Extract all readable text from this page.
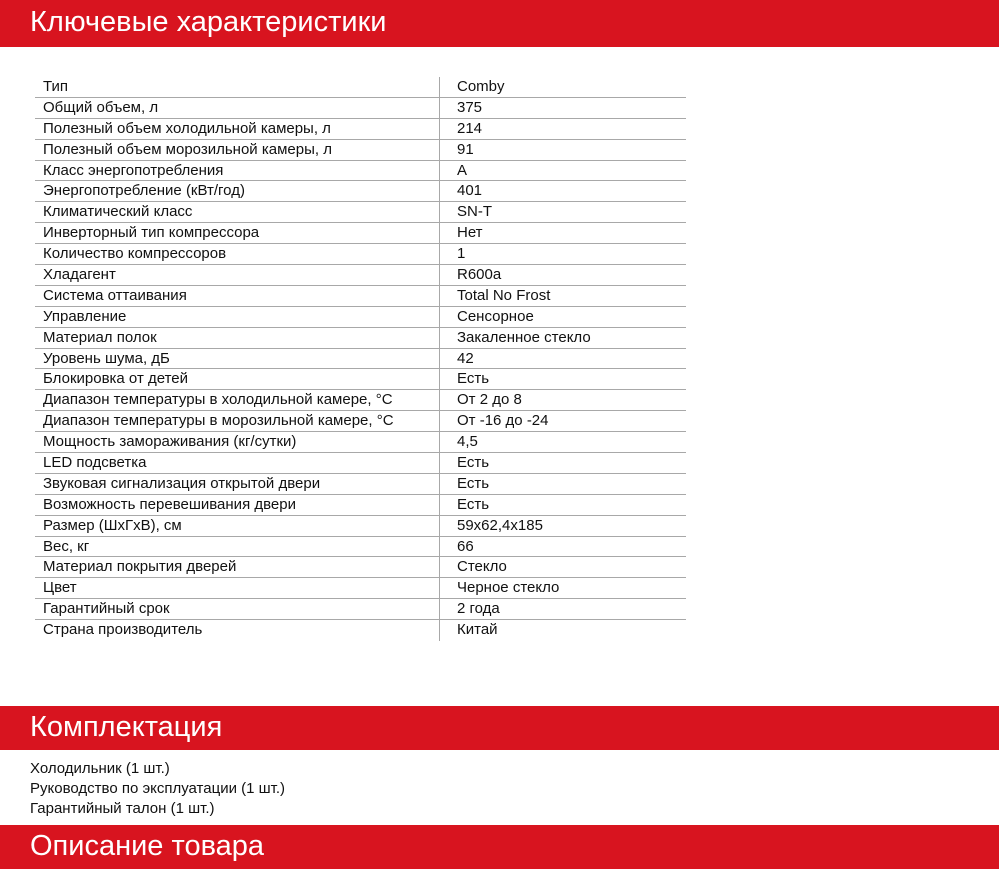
Ключевые характеристики
Тип	Comby
Общий объем, л	375
Полезный объем холодильной камеры, л	214
Полезный объем морозильной камеры, л	91
Класс энергопотребления	A
Энергопотребление (кВт/год)	401
Климатический класс	SN-T
Инверторный тип компрессора	Нет
Количество компрессоров	1
Хладагент	R600a
Система оттаивания	Total No Frost
Управление	Сенсорное
Материал полок	Закаленное стекло
Уровень шума, дБ	42
Блокировка от детей	Есть
Диапазон температуры в холодильной камере, °С	От 2 до 8
Диапазон температуры в морозильной камере, °С	От -16 до -24
Мощность замораживания (кг/сутки)	4,5
LED подсветка	Есть
Звуковая сигнализация открытой двери	Есть
Возможность перевешивания двери	Есть
Размер (ШхГхВ), см	59х62,4х185
Вес, кг	66
Материал покрытия дверей	Стекло
Цвет	Черное стекло
Гарантийный срок	2 года
Страна производитель	Китай
Комплектация
Холодильник (1 шт.)
Руководство по эксплуатации (1 шт.)
Гарантийный талон (1 шт.)
Описание товара
